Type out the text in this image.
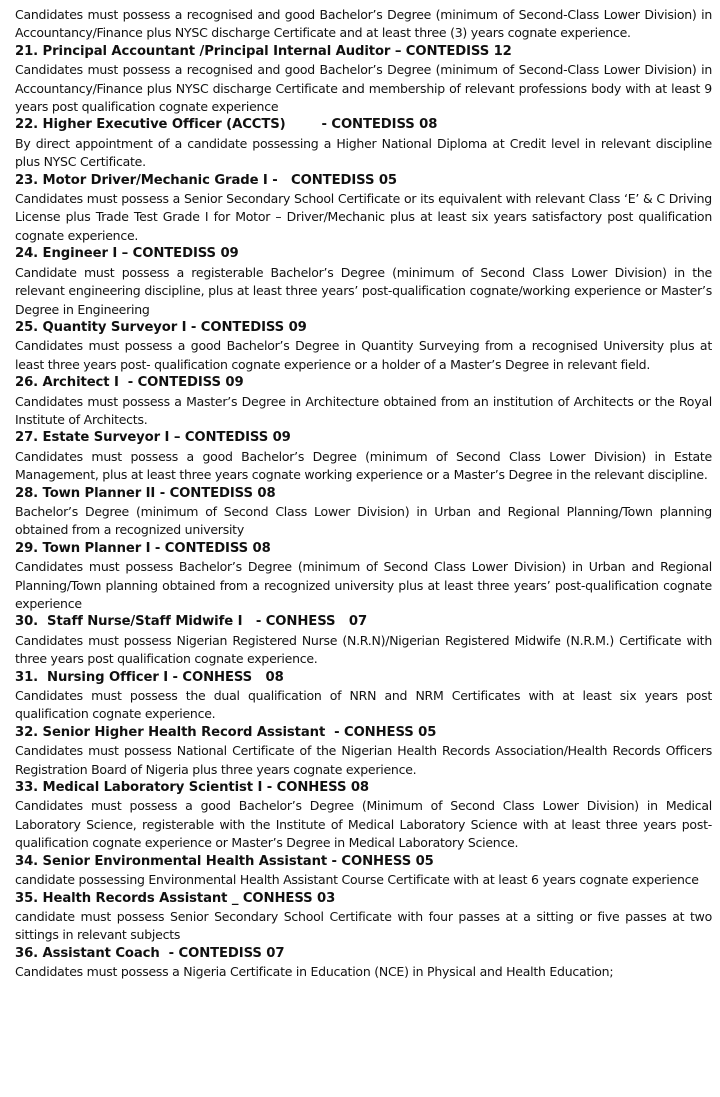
Candidates must possess a recognised and good Bachelor’s Degree (minimum of Second-Class Lower Division) in Accountancy/Finance plus NYSC discharge Certificate and at least three (3) years cognate experience.

21. Principal Accountant /Principal Internal Auditor – CONTEDISS 12

Candidates must possess a recognised and good Bachelor’s Degree (minimum of Second-Class Lower Division) in Accountancy/Finance plus NYSC discharge Certificate and membership of relevant professions body with at least 9 years post qualification cognate experience

22. Higher Executive Officer (ACCTS)        - CONTEDISS 08

By direct appointment of a candidate possessing a Higher National Diploma at Credit level in relevant discipline plus NYSC Certificate.

23. Motor Driver/Mechanic Grade I -   CONTEDISS 05

Candidates must possess a Senior Secondary School Certificate or its equivalent with relevant Class ‘E’ & C Driving License plus Trade Test Grade I for Motor – Driver/Mechanic plus at least six years satisfactory post qualification cognate experience.

24. Engineer I – CONTEDISS 09

Candidate must possess a registerable Bachelor’s Degree (minimum of Second Class Lower Division) in the relevant engineering discipline, plus at least three years’ post-qualification cognate/working experience or Master’s Degree in Engineering

25. Quantity Surveyor I - CONTEDISS 09

Candidates must possess a good Bachelor’s Degree in Quantity Surveying from a recognised University plus at least three years post- qualification cognate experience or a holder of a Master’s Degree in relevant field.

26. Architect I  - CONTEDISS 09

Candidates must possess a Master’s Degree in Architecture obtained from an institution of Architects or the Royal Institute of Architects.

27. Estate Surveyor I – CONTEDISS 09

Candidates must possess a good Bachelor’s Degree (minimum of Second Class Lower Division) in Estate Management, plus at least three years cognate working experience or a Master’s Degree in the relevant discipline.

28. Town Planner II - CONTEDISS 08

Bachelor’s Degree (minimum of Second Class Lower Division) in Urban and Regional Planning/Town planning obtained from a recognized university

29. Town Planner I - CONTEDISS 08

Candidates must possess Bachelor’s Degree (minimum of Second Class Lower Division) in Urban and Regional Planning/Town planning obtained from a recognized university plus at least three years’ post-qualification cognate experience

30.  Staff Nurse/Staff Midwife I   - CONHESS   07

Candidates must possess Nigerian Registered Nurse (N.R.N)/Nigerian Registered Midwife (N.R.M.) Certificate with three years post qualification cognate experience.

31.  Nursing Officer I - CONHESS   08

Candidates must possess the dual qualification of NRN and NRM Certificates with at least six years post qualification cognate experience.

32. Senior Higher Health Record Assistant  - CONHESS 05

Candidates must possess National Certificate of the Nigerian Health Records Association/Health Records Officers Registration Board of Nigeria plus three years cognate experience.

33. Medical Laboratory Scientist I - CONHESS 08

Candidates must possess a good Bachelor’s Degree (Minimum of Second Class Lower Division) in Medical Laboratory Science, registerable with the Institute of Medical Laboratory Science with at least three years post-qualification cognate experience or Master’s Degree in Medical Laboratory Science.

34. Senior Environmental Health Assistant - CONHESS 05

candidate possessing Environmental Health Assistant Course Certificate with at least 6 years cognate experience

35. Health Records Assistant _ CONHESS 03

candidate must possess Senior Secondary School Certificate with four passes at a sitting or five passes at two sittings in relevant subjects

36. Assistant Coach  - CONTEDISS 07

Candidates must possess a Nigeria Certificate in Education (NCE) in Physical and Health Education;
